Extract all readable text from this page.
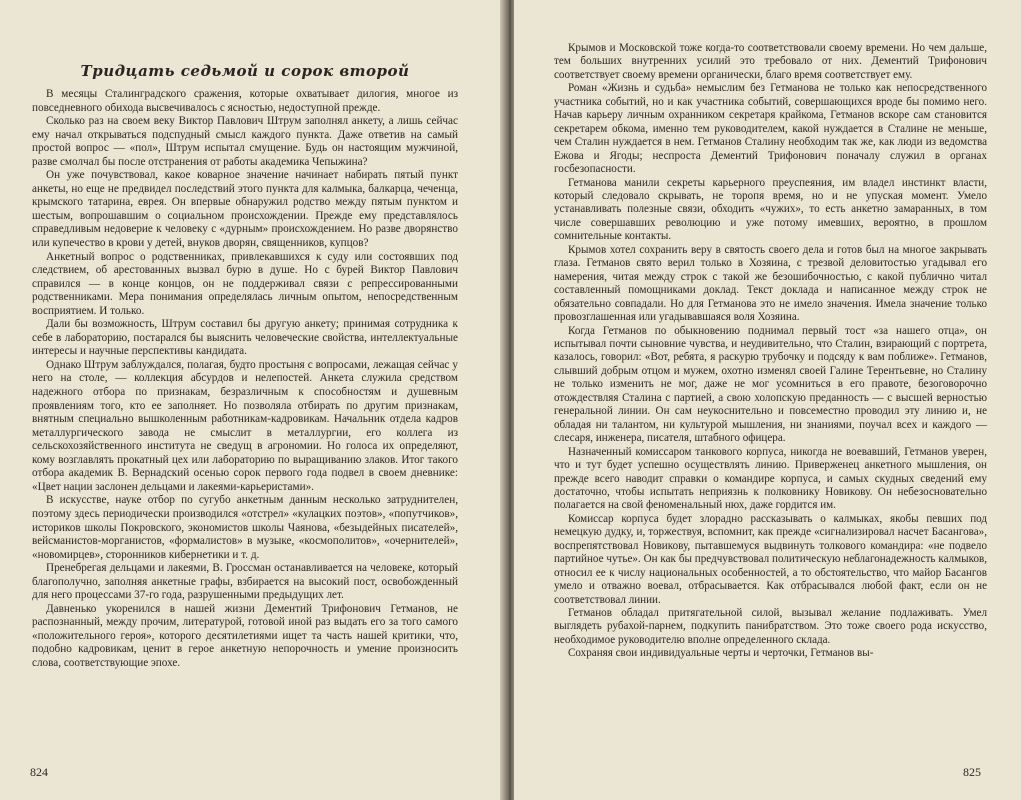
Тридцать седьмой и сорок второй

В месяцы Сталинградского сражения, которые охватывает дилогия, многое из повседневного обихода высвечивалось с ясностью, недоступной прежде.

Сколько раз на своем веку Виктор Павлович Штрум заполнял анкету, а лишь сейчас ему начал открываться подспудный смысл каждого пункта. Даже ответив на самый простой вопрос — «пол», Штрум испытал смущение. Будь он настоящим мужчиной, разве смолчал бы после отстранения от работы академика Чепыжина?

Он уже почувствовал, какое коварное значение начинает набирать пятый пункт анкеты, но еще не предвидел последствий этого пункта для калмыка, балкарца, чеченца, крымского татарина, еврея. Он впервые обнаружил родство между пятым пунктом и шестым, вопрошавшим о социальном происхождении. Прежде ему представлялось справедливым недоверие к человеку с «дурным» происхождением. Но разве дворянство или купечество в крови у детей, внуков дворян, священников, купцов?

Анкетный вопрос о родственниках, привлекавшихся к суду или состоявших под следствием, об арестованных вызвал бурю в душе. Но с бурей Виктор Павлович справился — в конце концов, он не поддерживал связи с репрессированными родственниками. Мера понимания определялась личным опытом, непосредственным восприятием. И только.

Дали бы возможность, Штрум составил бы другую анкету; принимая сотрудника к себе в лабораторию, постарался бы выяснить человеческие свойства, интеллектуальные интересы и научные перспективы кандидата.

Однако Штрум заблуждался, полагая, будто простыня с вопросами, лежащая сейчас у него на столе, — коллекция абсурдов и нелепостей. Анкета служила средством надежного отбора по признакам, безразличным к способностям и душевным проявлениям того, кто ее заполняет. Но позволяла отбирать по другим признакам, внятным специально вышколенным работникам-кадровикам. Начальник отдела кадров металлургического завода не смыслит в металлургии, его коллега из сельскохозяйственного института не сведущ в агрономии. Но голоса их определяют, кому возглавлять прокатный цех или лабораторию по выращиванию злаков. Итог такого отбора академик В. Вернадский осенью сорок первого года подвел в своем дневнике: «Цвет нации заслонен дельцами и лакеями-карьеристами».

В искусстве, науке отбор по сугубо анкетным данным несколько затруднителен, поэтому здесь периодически производился «отстрел» «кулацких поэтов», «попутчиков», историков школы Покровского, экономистов школы Чаянова, «безыдейных писателей», вейсманистов-морганистов, «формалистов» в музыке, «космополитов», «очернителей», «новомирцев», сторонников кибернетики и т. д.

Пренебрегая дельцами и лакеями, В. Гроссман останавливается на человеке, который благополучно, заполняя анкетные графы, взбирается на высокий пост, освобожденный для него процессами 37-го года, разрушенными предыдущих лет.

Давненько укоренился в нашей жизни Дементий Трифонович Гетманов, не распознанный, между прочим, литературой, готовой иной раз выдать его за того самого «положительного героя», которого десятилетиями ищет та часть нашей критики, что, подобно кадровикам, ценит в герое анкетную непорочность и умение произносить слова, соответствующие эпохе.

824

Крымов и Московской тоже когда-то соответствовали своему времени. Но чем дальше, тем больших внутренних усилий это требовало от них. Дементий Трифонович соответствует своему времени органически, благо время соответствует ему.

Роман «Жизнь и судьба» немыслим без Гетманова не только как непосредственного участника событий, но и как участника событий, совершающихся вроде бы помимо него. Начав карьеру личным охранником секретаря крайкома, Гетманов вскоре сам становится секретарем обкома, именно тем руководителем, какой нуждается в Сталине не меньше, чем Сталин нуждается в нем. Гетманов Сталину необходим так же, как люди из ведомства Ежова и Ягоды; неспроста Дементий Трифонович поначалу служил в органах госбезопасности.

Гетманова манили секреты карьерного преуспеяния, им владел инстинкт власти, который следовало скрывать, не торопя время, но и не упуская момент. Умело устанавливать полезные связи, обходить «чужих», то есть анкетно замаранных, в том числе совершавших революцию и уже потому имевших, вероятно, в прошлом сомнительные контакты.

Крымов хотел сохранить веру в святость своего дела и готов был на многое закрывать глаза. Гетманов свято верил только в Хозяина, с трезвой деловитостью угадывал его намерения, читая между строк с такой же безошибочностью, с какой публично читал составленный помощниками доклад. Текст доклада и написанное между строк не обязательно совпадали. Но для Гетманова это не имело значения. Имела значение только провозглашенная или угадывавшаяся воля Хозяина.

Когда Гетманов по обыкновению поднимал первый тост «за нашего отца», он испытывал почти сыновние чувства, и неудивительно, что Сталин, взирающий с портрета, казалось, говорил: «Вот, ребята, я раскурю трубочку и подсяду к вам поближе». Гетманов, слывший добрым отцом и мужем, охотно изменял своей Галине Терентьевне, но Сталину не только изменить не мог, даже не мог усомниться в его правоте, безоговорочно отождествляя Сталина с партией, а свою холопскую преданность — с высшей верностью генеральной линии. Он сам неукоснительно и повсеместно проводил эту линию и, не обладая ни талантом, ни культурой мышления, ни знаниями, поучал всех и каждого — слесаря, инженера, писателя, штабного офицера.

Назначенный комиссаром танкового корпуса, никогда не воевавший, Гетманов уверен, что и тут будет успешно осуществлять линию. Приверженец анкетного мышления, он прежде всего наводит справки о командире корпуса, и самых скудных сведений ему достаточно, чтобы испытать неприязнь к полковнику Новикову. Он небезосновательно полагается на свой феноменальный нюх, даже гордится им.

Комиссар корпуса будет злорадно рассказывать о калмыках, якобы певших под немецкую дудку, и, торжествуя, вспомнит, как прежде «сигнализировал насчет Басангова», воспрепятствовал Новикову, пытавшемуся выдвинуть толкового командира: «не подвело партийное чутье». Он как бы предчувствовал политическую неблагонадежность калмыков, относил ее к числу национальных особенностей, а то обстоятельство, что майор Басангов умело и отважно воевал, отбрасывается. Как отбрасывался любой факт, если он не соответствовал линии.

Гетманов обладал притягательной силой, вызывал желание подлаживать. Умел выглядеть рубахой-парнем, подкупить панибратством. Это тоже своего рода искусство, необходимое руководителю вполне определенного склада.

Сохраняя свои индивидуальные черты и черточки, Гетманов вы-

825
